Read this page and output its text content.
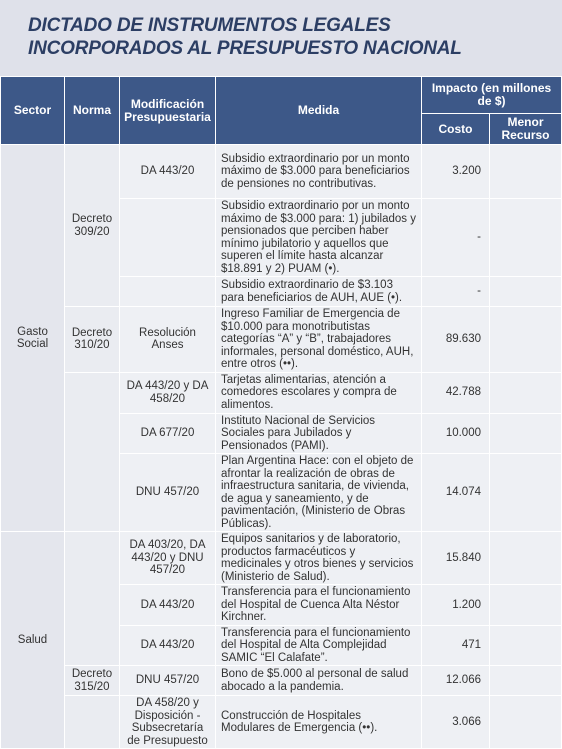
DICTADO DE INSTRUMENTOS LEGALES INCORPORADOS AL PRESUPUESTO NACIONAL
Sector	Norma	Modificación Presupuestaria	Medida	Impacto (en millones de $)	
				Costo	Menor Recurso
Gasto Social	Decreto 309/20	DA 443/20	Subsidio extraordinario por un monto máximo de $3.000 para beneficiarios de pensiones no contributivas.	3.200	
			Subsidio extraordinario por un monto máximo de $3.000 para: 1) jubilados y pensionados que perciben haber mínimo jubilatorio y aquellos que superen el límite hasta alcanzar $18.891 y 2) PUAM (•).	-	
			Subsidio extraordinario de $3.103 para beneficiarios de AUH, AUE (•).	-	
	Decreto 310/20	Resolución Anses	Ingreso Familiar de Emergencia de $10.000 para monotributistas categorías “A” y “B”, trabajadores informales, personal doméstico, AUH, entre otros (••).	89.630	
		DA 443/20 y DA 458/20	Tarjetas alimentarias, atención a comedores escolares y compra de alimentos.	42.788	
		DA 677/20	Instituto Nacional de Servicios Sociales para Jubilados y Pensionados (PAMI).	10.000	
		DNU 457/20	Plan Argentina Hace: con el objeto de afrontar la realización de obras de infraestructura sanitaria, de vivienda, de agua y saneamiento, y de pavimentación, (Ministerio de Obras Públicas).	14.074	
Salud		DA 403/20, DA 443/20 y DNU 457/20	Equipos sanitarios y de laboratorio, productos farmacéuticos y medicinales y otros bienes y servicios (Ministerio de Salud).	15.840	
		DA 443/20	Transferencia para el funcionamiento del Hospital de Cuenca Alta Néstor Kirchner.	1.200	
		DA 443/20	Transferencia para el funcionamiento del Hospital de Alta Complejidad SAMIC “El Calafate”.	471	
	Decreto 315/20	DNU 457/20	Bono de $5.000 al personal de salud abocado a la pandemia.	12.066	
		DA 458/20 y Disposición - Subsecretaría de Presupuesto	Construcción de Hospitales Modulares de Emergencia (••).	3.066	
